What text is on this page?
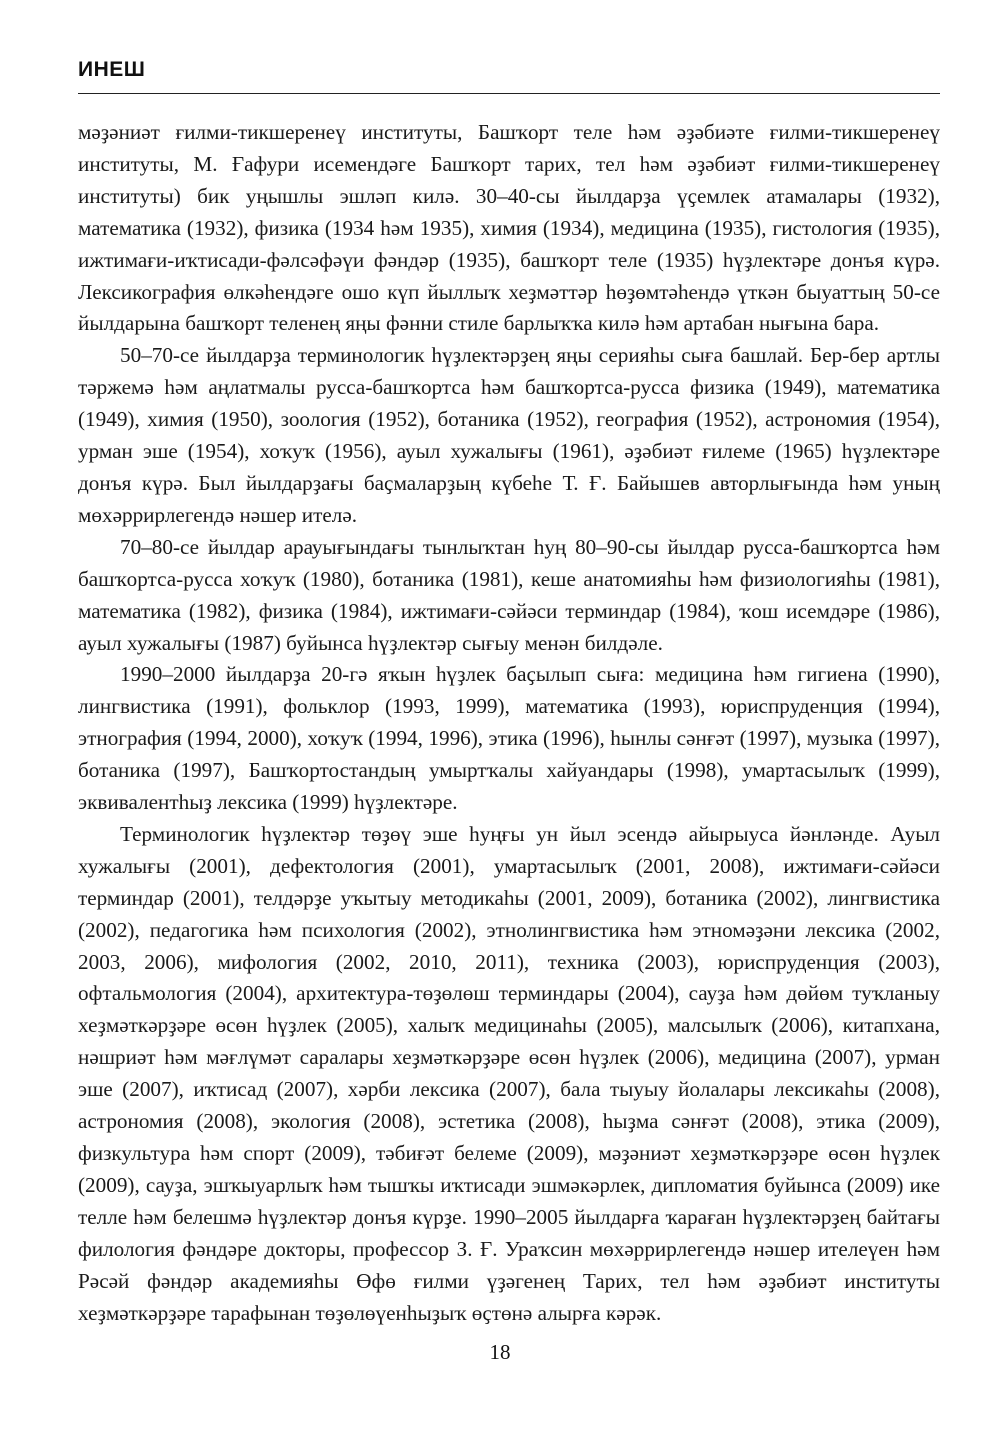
ИНЕШ

мәҙәниәт ғилми-тикшеренеү институты, Башҡорт теле һәм әҙәбиәте ғилми-тикшеренеү институты, М. Ғафури исемендәге Башҡорт тарих, тел һәм әҙәбиәт ғилми-тикшеренеү институты) бик уңышлы эшләп килә. 30–40-сы йылдарҙа үҫемлек атамалары (1932), математика (1932), физика (1934 һәм 1935), химия (1934), медицина (1935), гистология (1935), ижтимағи-иҡтисади-фәлсәфәүи фәндәр (1935), башҡорт теле (1935) һүҙлектәре донъя күрә. Лексикография өлкәһендәге ошо күп йыллыҡ хеҙмәттәр һөҙөмтәһендә үткән быуаттың 50-се йылдарына башҡорт теленең яңы фәнни стиле барлыҡҡа килә һәм артабан нығына бара.

50–70-се йылдарҙа терминологик һүҙлектәрҙең яңы серияһы сыға башлай. Бер-бер артлы тәржемә һәм аңлатмалы русса-башҡортса һәм башҡортса-русса физика (1949), математика (1949), химия (1950), зоология (1952), ботаника (1952), география (1952), астрономия (1954), урман эше (1954), хоҡуҡ (1956), ауыл хужалығы (1961), әҙәбиәт ғилеме (1965) һүҙлектәре донъя күрә. Был йылдарҙағы баҫмаларҙың күбеһе Т. Ғ. Байышев авторлығында һәм уның мөхәррирлегендә нәшер ителә.

70–80-се йылдар арауығындағы тынлыҡтан һуң 80–90-сы йылдар русса-башҡортса һәм башҡортса-русса хоҡуҡ (1980), ботаника (1981), кеше анатомияһы һәм физиологияһы (1981), математика (1982), физика (1984), ижтимағи-сәйәси терминдар (1984), ҡош исемдәре (1986), ауыл хужалығы (1987) буйынса һүҙлектәр сығыу менән билдәле.

1990–2000 йылдарҙа 20-гә яҡын һүҙлек баҫылып сыға: медицина һәм гигиена (1990), лингвистика (1991), фольклор (1993, 1999), математика (1993), юриспруденция (1994), этнография (1994, 2000), хоҡуҡ (1994, 1996), этика (1996), һынлы сәнғәт (1997), музыка (1997), ботаника (1997), Башҡортостандың умыртҡалы хайуандары (1998), умартасылыҡ (1999), эквивалентһыҙ лексика (1999) һүҙлектәре.

Терминологик һүҙлектәр төҙөү эше һуңғы ун йыл эсендә айырыуса йәнләнде. Ауыл хужалығы (2001), дефектология (2001), умартасылыҡ (2001, 2008), ижтимағи-сәйәси терминдар (2001), телдәрҙе уҡытыу методикаһы (2001, 2009), ботаника (2002), лингвистика (2002), педагогика һәм психология (2002), этнолингвистика һәм этномәҙәни лексика (2002, 2003, 2006), мифология (2002, 2010, 2011), техника (2003), юриспруденция (2003), офтальмология (2004), архитектура-төҙөлөш терминдары (2004), сауҙа һәм дөйөм туҡланыу хеҙмәткәрҙәре өсөн һүҙлек (2005), халыҡ медицинаһы (2005), малсылыҡ (2006), китапхана, нәшриәт һәм мәғлүмәт саралары хеҙмәткәрҙәре өсөн һүҙлек (2006), медицина (2007), урман эше (2007), иҡтисад (2007), хәрби лексика (2007), бала тыуыу йолалары лексикаһы (2008), астрономия (2008), экология (2008), эстетика (2008), һыҙма сәнғәт (2008), этика (2009), физкультура һәм спорт (2009), тәбиғәт белеме (2009), мәҙәниәт хеҙмәткәрҙәре өсөн һүҙлек (2009), сауҙа, эшҡыуарлыҡ һәм тышҡы иҡтисади эшмәкәрлек, дипломатия буйынса (2009) ике телле һәм белешмә һүҙлектәр донъя күрҙе. 1990–2005 йылдарға ҡараған һүҙлектәрҙең байтағы филология фәндәре докторы, профессор З. Ғ. Ураҡсин мөхәррирлегендә нәшер ителеүен һәм Рәсәй фәндәр академияһы Өфө ғилми үҙәгенең Тарих, тел һәм әҙәбиәт институты хеҙмәткәрҙәре тарафынан төҙөлөүенһыҙыҡ өҫтөнә алырға кәрәк.

18
